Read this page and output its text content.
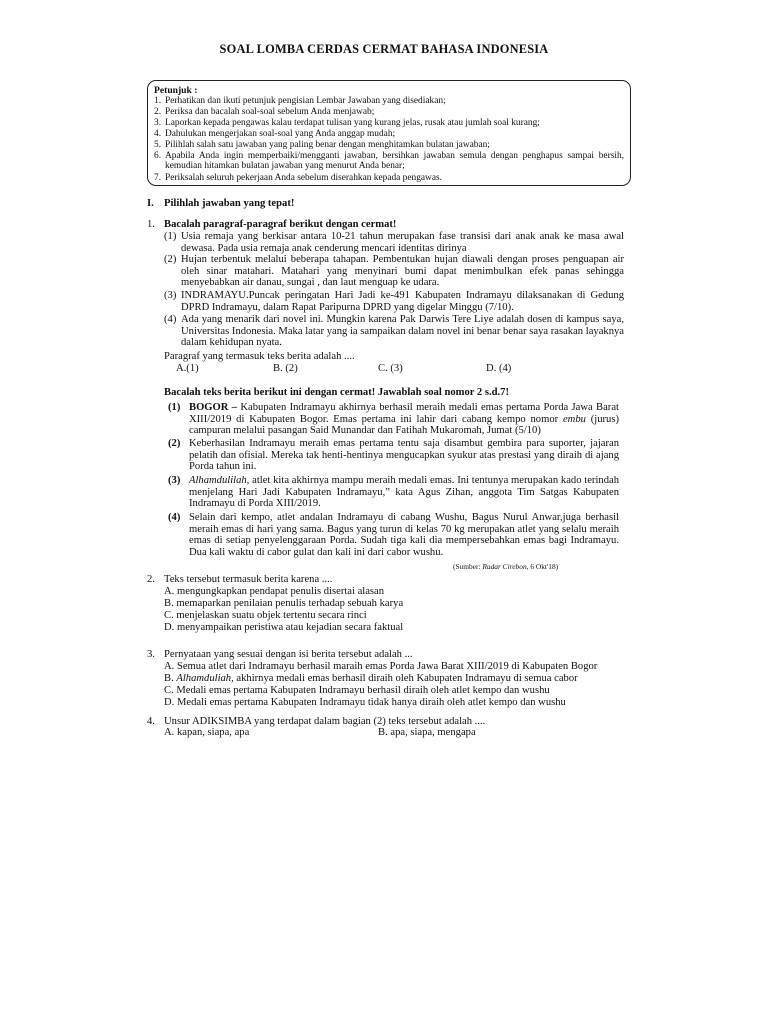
SOAL LOMBA CERDAS CERMAT BAHASA INDONESIA
Petunjuk :
1. Perhatikan dan ikuti petunjuk pengisian Lembar Jawaban yang disediakan;
2. Periksa dan bacalah soal-soal sebelum Anda menjawab;
3. Laporkan kepada pengawas kalau terdapat tulisan yang kurang jelas, rusak atau jumlah soal kurang;
4. Dahulukan mengerjakan soal-soal yang Anda anggap mudah;
5. Pilihlah salah satu jawaban yang paling benar dengan menghitamkan bulatan jawaban;
6. Apabila Anda ingin memperbaiki/mengganti jawaban, bersihkan jawaban semula dengan penghapus sampai bersih, kemudian hitamkan bulatan jawaban yang menurut Anda benar;
7. Periksalah seluruh pekerjaan Anda sebelum diserahkan kepada pengawas.
I. Pilihlah jawaban yang tepat!
1. Bacalah paragraf-paragraf berikut dengan cermat!
(1) Usia remaja yang berkisar antara 10-21 tahun merupakan fase transisi dari anak anak ke masa awal dewasa. Pada usia remaja anak cenderung mencari identitas dirinya
(2) Hujan terbentuk melalui beberapa tahapan. Pembentukan hujan diawali dengan proses penguapan air oleh sinar matahari. Matahari yang menyinari bumi dapat menimbulkan efek panas sehingga menyebabkan air danau, sungai , dan laut menguap ke udara.
(3) INDRAMAYU.Puncak peringatan Hari Jadi ke-491 Kabupaten Indramayu dilaksanakan di Gedung DPRD Indramayu, dalam Rapat Paripurna DPRD yang digelar Minggu (7/10).
(4) Ada yang menarik dari novel ini. Mungkin karena Pak Darwis Tere Liye adalah dosen di kampus saya, Universitas Indonesia. Maka latar yang ia sampaikan dalam novel ini benar benar saya rasakan layaknya dalam kehidupan nyata.
Paragraf yang termasuk teks berita adalah ....
A.(1)	B. (2)	C. (3)	D. (4)
Bacalah teks berita berikut ini dengan cermat! Jawablah soal nomor 2 s.d.7!
(1) BOGOR – Kabupaten Indramayu akhirnya berhasil meraih medali emas pertama Porda Jawa Barat XIII/2019 di Kabupaten Bogor. Emas pertama ini lahir dari cabang kempo nomor embu (jurus) campuran melalui pasangan Said Munandar dan Fatihah Mukaromah, Jumat (5/10)
(2) Keberhasilan Indramayu meraih emas pertama tentu saja disambut gembira para suporter, jajaran pelatih dan ofisial. Mereka tak henti-hentinya mengucapkan syukur atas prestasi yang diraih di ajang Porda tahun ini.
(3) Alhamdulilah, atlet kita akhirnya mampu meraih medali emas. Ini tentunya merupakan kado terindah menjelang Hari Jadi Kabupaten Indramayu,” kata Agus Zihan, anggota Tim Satgas Kabupaten Indramayu di Porda XIII/2019.
(4) Selain dari kempo, atlet andalan Indramayu di cabang Wushu, Bagus Nurul Anwar,juga berhasil meraih emas di hari yang sama. Bagus yang turun di kelas 70 kg merupakan atlet yang selalu meraih emas di setiap penyelenggaraan Porda. Sudah tiga kali dia mempersebahkan emas bagi Indramayu. Dua kali waktu di cabor gulat dan kali ini dari cabor wushu.
(Sumber: Radar Cirebon, 6 Okt'18)
2. Teks tersebut termasuk berita karena ....
A. mengungkapkan pendapat penulis disertai alasan
B. memaparkan penilaian penulis terhadap sebuah karya
C. menjelaskan suatu objek tertentu secara rinci
D. menyampaikan peristiwa atau kejadian secara faktual
3. Pernyataan yang sesuai dengan isi berita tersebut adalah ...
A. Semua atlet dari Indramayu berhasil maraih emas Porda Jawa Barat XIII/2019 di Kabupaten Bogor
B. Alhamduliah, akhirnya medali emas berhasil diraih oleh Kabupaten Indramayu di semua cabor
C. Medali emas pertama Kabupaten Indramayu berhasil diraih oleh atlet kempo dan wushu
D. Medali emas pertama Kabupaten Indramayu tidak hanya diraih oleh atlet kempo dan wushu
4. Unsur ADIKSIMBA yang terdapat dalam bagian (2) teks tersebut adalah ....
A. kapan, siapa, apa	B. apa, siapa, mengapa
